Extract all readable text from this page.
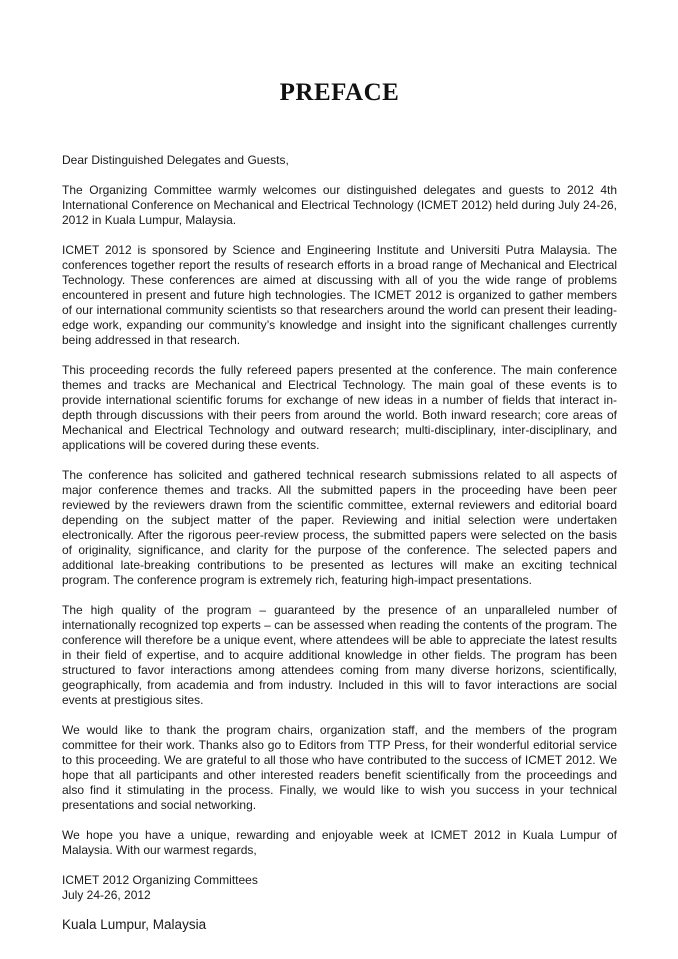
PREFACE

Dear Distinguished Delegates and Guests,

The Organizing Committee warmly welcomes our distinguished delegates and guests to 2012 4th International Conference on Mechanical and Electrical Technology (ICMET 2012) held during July 24-26, 2012 in Kuala Lumpur, Malaysia.

ICMET 2012 is sponsored by Science and Engineering Institute and Universiti Putra Malaysia. The conferences together report the results of research efforts in a broad range of Mechanical and Electrical Technology. These conferences are aimed at discussing with all of you the wide range of problems encountered in present and future high technologies. The ICMET 2012 is organized to gather members of our international community scientists so that researchers around the world can present their leading-edge work, expanding our community’s knowledge and insight into the significant challenges currently being addressed in that research.

This proceeding records the fully refereed papers presented at the conference. The main conference themes and tracks are Mechanical and Electrical Technology. The main goal of these events is to provide international scientific forums for exchange of new ideas in a number of fields that interact in-depth through discussions with their peers from around the world. Both inward research; core areas of Mechanical and Electrical Technology and outward research; multi-disciplinary, inter-disciplinary, and applications will be covered during these events.

The conference has solicited and gathered technical research submissions related to all aspects of major conference themes and tracks. All the submitted papers in the proceeding have been peer reviewed by the reviewers drawn from the scientific committee, external reviewers and editorial board depending on the subject matter of the paper. Reviewing and initial selection were undertaken electronically. After the rigorous peer-review process, the submitted papers were selected on the basis of originality, significance, and clarity for the purpose of the conference. The selected papers and additional late-breaking contributions to be presented as lectures will make an exciting technical program. The conference program is extremely rich, featuring high-impact presentations.

The high quality of the program – guaranteed by the presence of an unparalleled number of internationally recognized top experts – can be assessed when reading the contents of the program. The conference will therefore be a unique event, where attendees will be able to appreciate the latest results in their field of expertise, and to acquire additional knowledge in other fields. The program has been structured to favor interactions among attendees coming from many diverse horizons, scientifically, geographically, from academia and from industry. Included in this will to favor interactions are social events at prestigious sites.

We would like to thank the program chairs, organization staff, and the members of the program committee for their work. Thanks also go to Editors from TTP Press, for their wonderful editorial service to this proceeding. We are grateful to all those who have contributed to the success of ICMET 2012. We hope that all participants and other interested readers benefit scientifically from the proceedings and also find it stimulating in the process. Finally, we would like to wish you success in your technical presentations and social networking.

We hope you have a unique, rewarding and enjoyable week at ICMET 2012 in Kuala Lumpur of Malaysia. With our warmest regards,

ICMET 2012 Organizing Committees

July 24-26, 2012

Kuala Lumpur, Malaysia
